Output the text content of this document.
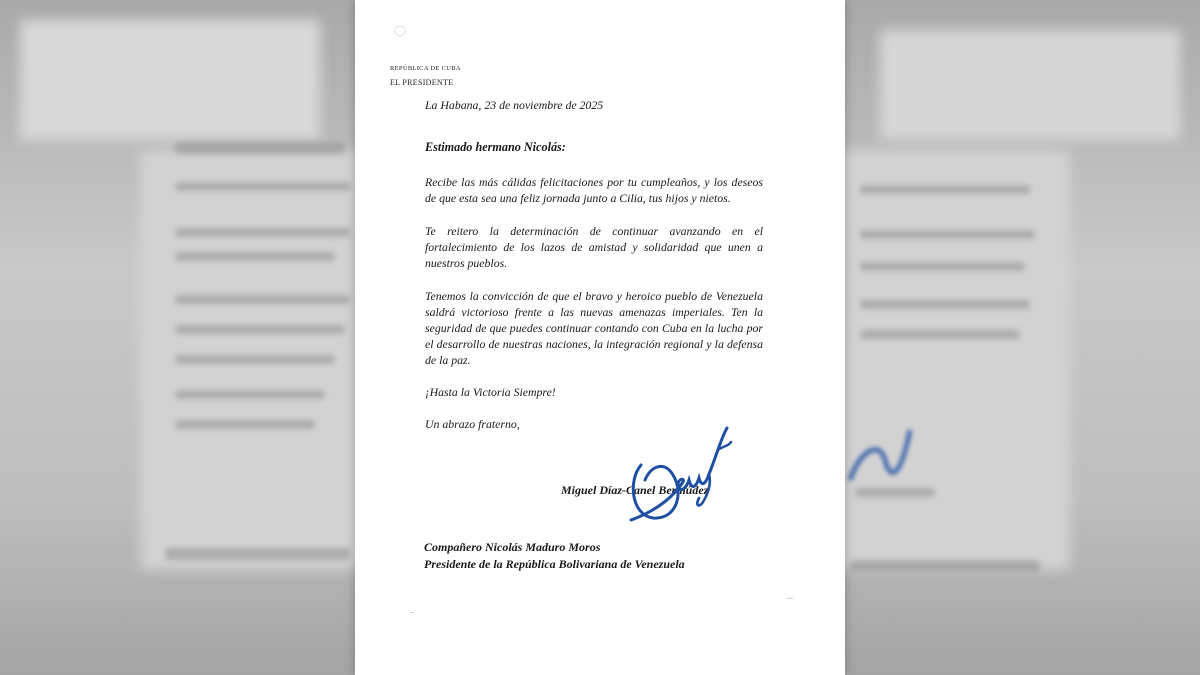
REPÚBLICA DE CUBA
EL PRESIDENTE
La Habana, 23 de noviembre de 2025
Estimado hermano Nicolás:
Recibe las más cálidas felicitaciones por tu cumpleaños, y los deseos de que esta sea una feliz jornada junto a Cilia, tus hijos y nietos.
Te reitero la determinación de continuar avanzando en el fortalecimiento de los lazos de amistad y solidaridad que unen a nuestros pueblos.
Tenemos la convicción de que el bravo y heroico pueblo de Venezuela saldrá victorioso frente a las nuevas amenazas imperiales. Ten la seguridad de que puedes continuar contando con Cuba en la lucha por el desarrollo de nuestras naciones, la integración regional y la defensa de la paz.
¡Hasta la Victoria Siempre!
Un abrazo fraterno,
Miguel Díaz-Canel Bermúdez
Compañero Nicolás Maduro Moros
Presidente de la República Bolivariana de Venezuela
